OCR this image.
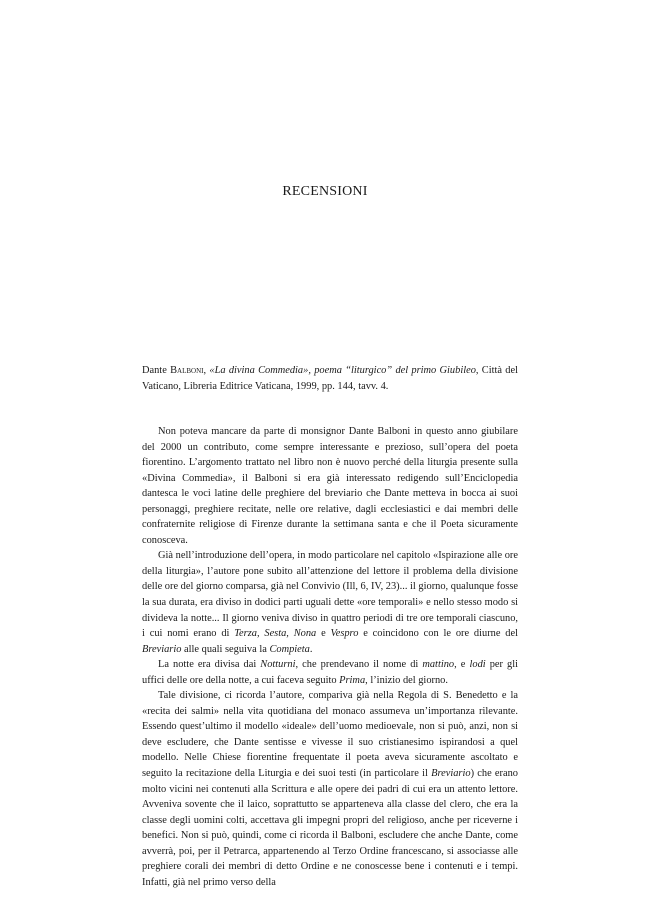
RECENSIONI
Dante Balboni, «La divina Commedia», poema “liturgico” del primo Giubileo, Città del Vaticano, Libreria Editrice Vaticana, 1999, pp. 144, tavv. 4.

Non poteva mancare da parte di monsignor Dante Balboni in questo anno giubilare del 2000 un contributo, come sempre interessante e prezioso, sull’opera del poeta fiorentino. L’argomento trattato nel libro non è nuovo perché della liturgia presente sulla «Divina Commedia», il Balboni si era già interessato redigendo sull’Enciclopedia dantesca le voci latine delle preghiere del breviario che Dante metteva in bocca ai suoi personaggi, preghiere recitate, nelle ore relative, dagli ecclesiastici e dai membri delle confraternite religiose di Firenze durante la settimana santa e che il Poeta sicuramente conosceva.

Già nell’introduzione dell’opera, in modo particolare nel capitolo «Ispirazione alle ore della liturgia», l’autore pone subito all’attenzione del lettore il problema della divisione delle ore del giorno comparsa, già nel Convivio (Ill, 6, IV, 23)... il giorno, qualunque fosse la sua durata, era diviso in dodici parti uguali dette «ore temporali» e nello stesso modo si divideva la notte... Il giorno veniva diviso in quattro periodi di tre ore temporali ciascuno, i cui nomi erano di Terza, Sesta, Nona e Vespro e coincidono con le ore diurne del Breviario alle quali seguiva la Compieta.

La notte era divisa dai Notturni, che prendevano il nome di mattino, e lodi per gli uffici delle ore della notte, a cui faceva seguito Prima, l’inizio del giorno.

Tale divisione, ci ricorda l’autore, compariva già nella Regola di S. Benedetto e la «recita dei salmi» nella vita quotidiana del monaco assumeva un’importanza rilevante. Essendo quest’ultimo il modello «ideale» dell’uomo medioevale, non si può, anzi, non si deve escludere, che Dante sentisse e vivesse il suo cristianesimo ispirandosi a quel modello. Nelle Chiese fiorentine frequentate il poeta aveva sicuramente ascoltato e seguito la recitazione della Liturgia e dei suoi testi (in particolare il Breviario) che erano molto vicini nei contenuti alla Scrittura e alle opere dei padri di cui era un attento lettore. Avveniva sovente che il laico, soprattutto se apparteneva alla classe del clero, che era la classe degli uomini colti, accettava gli impegni propri del religioso, anche per riceverne i benefici. Non si può, quindi, come ci ricorda il Balboni, escludere che anche Dante, come avverrà, poi, per il Petrarca, appartenendo al Terzo Ordine francescano, si associasse alle preghiere corali dei membri di detto Ordine e ne conoscesse bene i contenuti e i tempi. Infatti, già nel primo verso della
